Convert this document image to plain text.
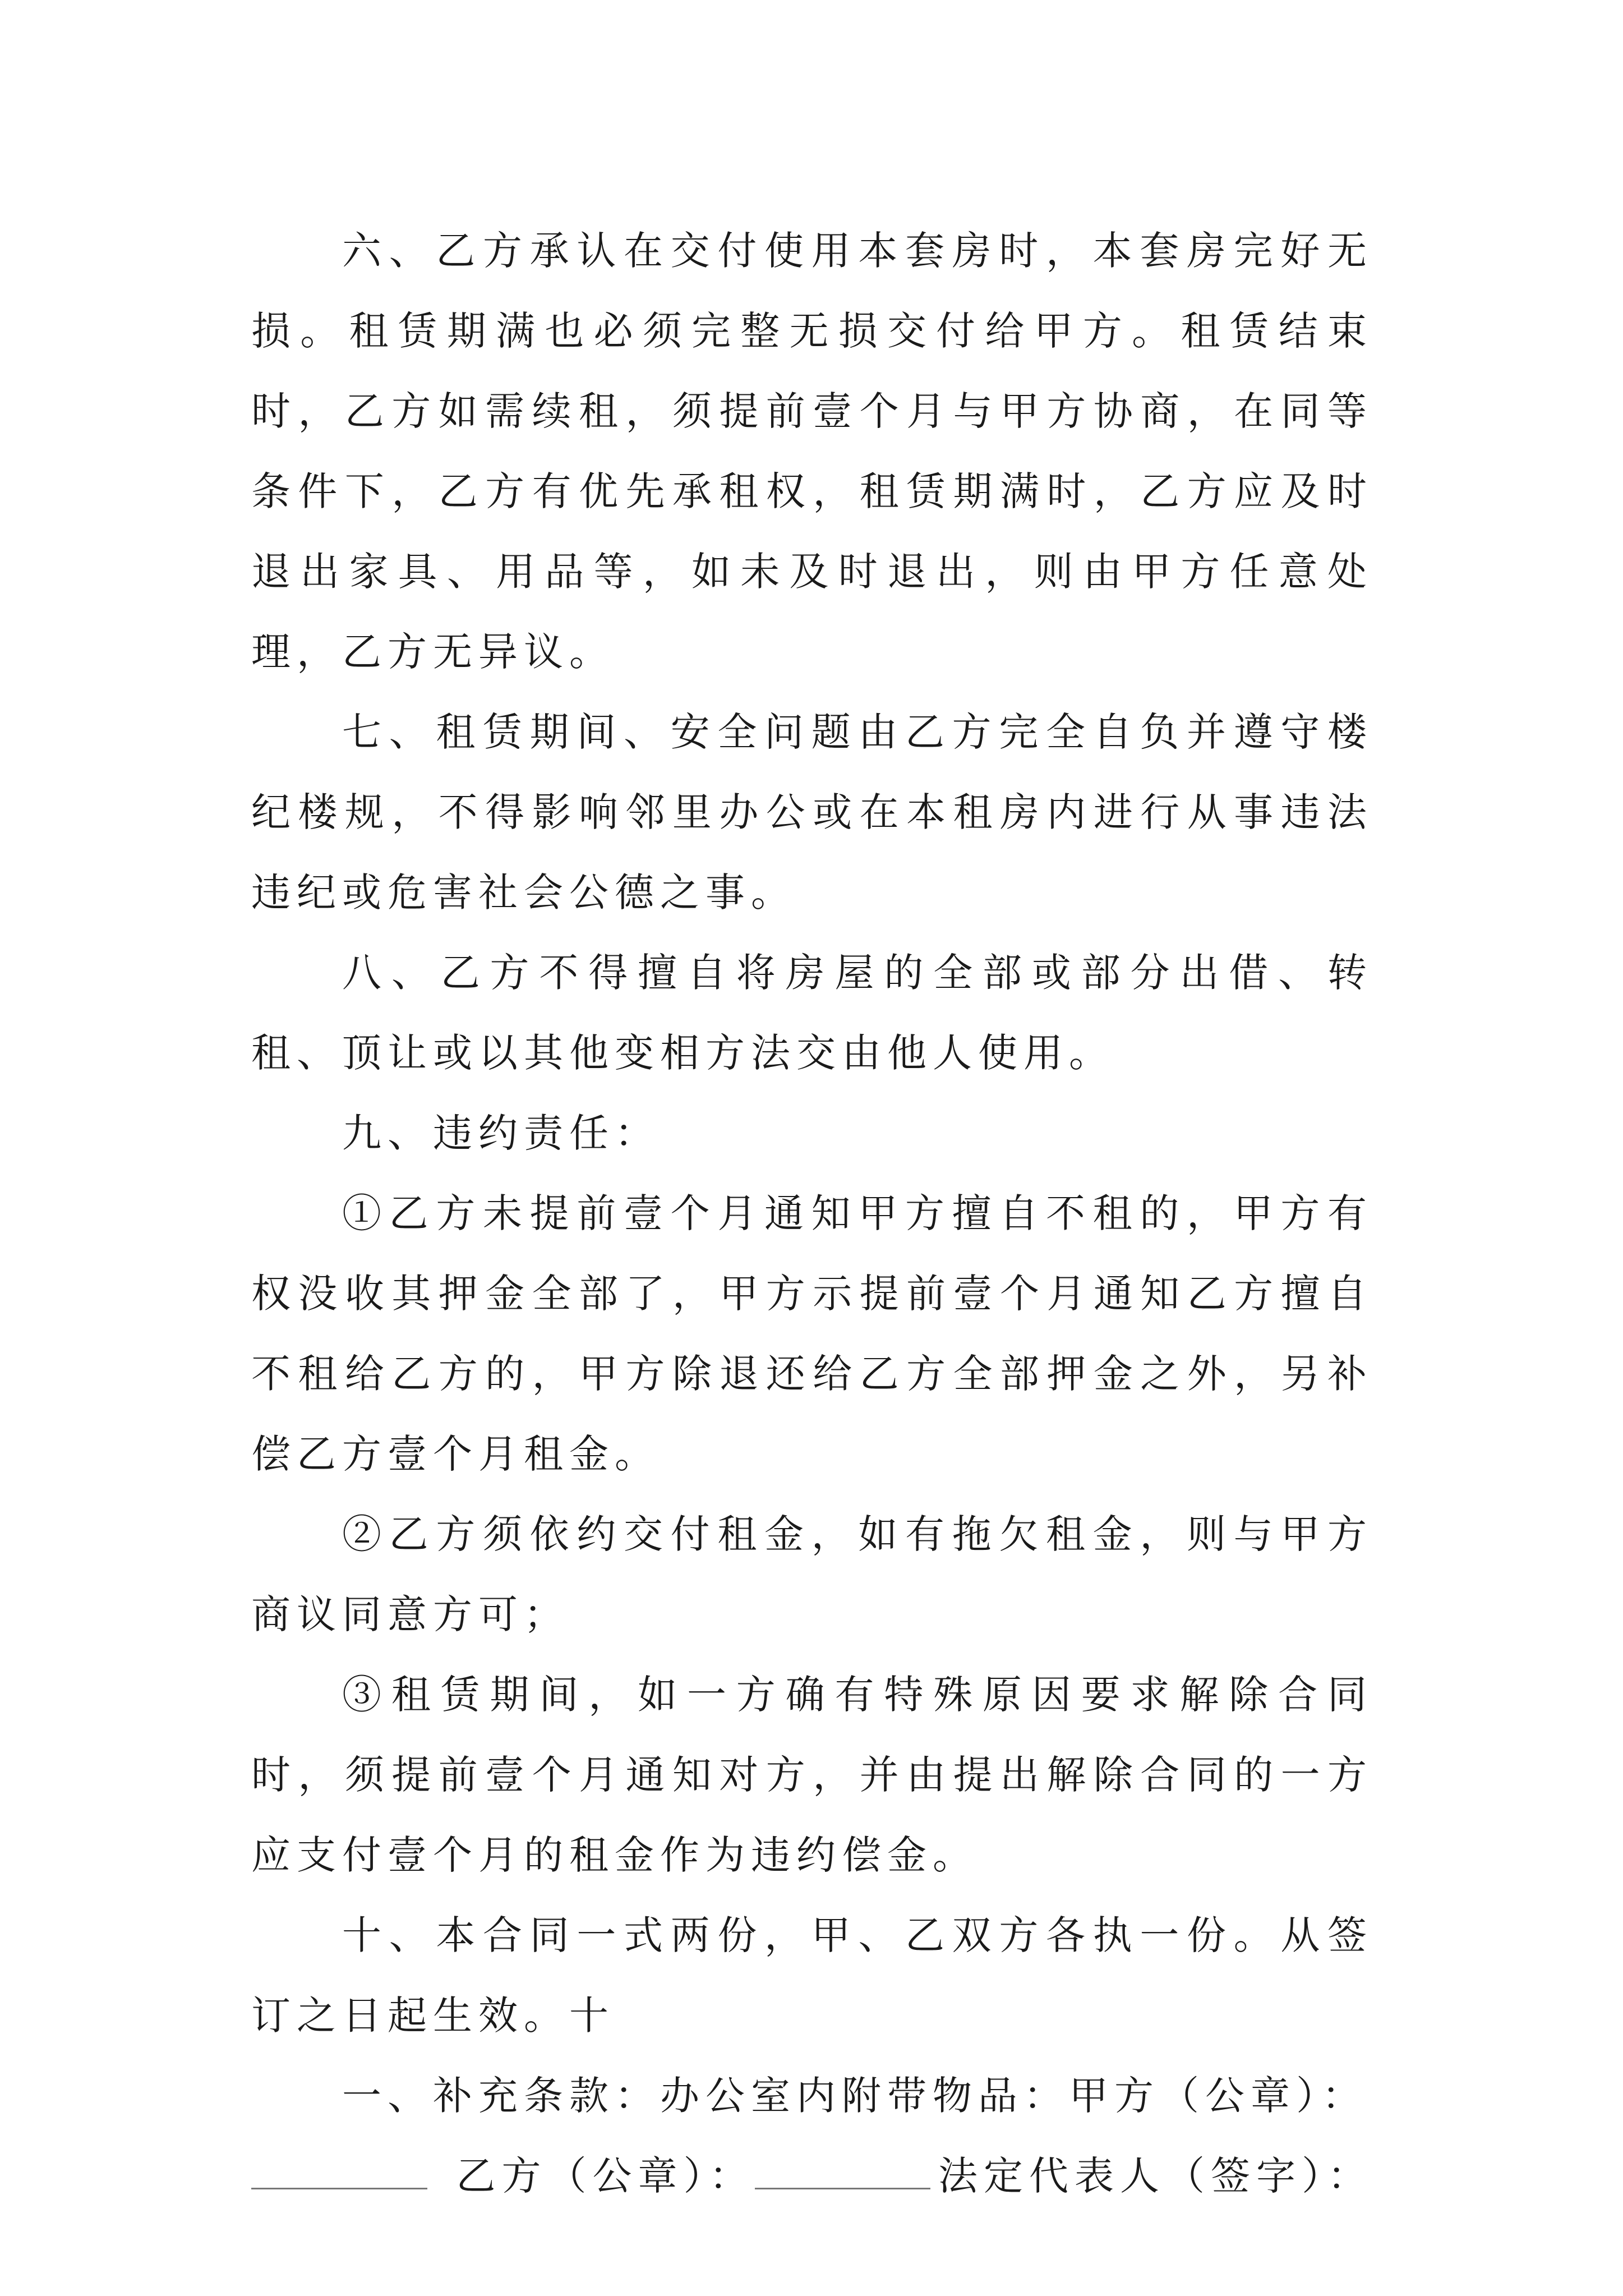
六、乙方承认在交付使用本套房时，本套房完好无损。租赁期满也必须完整无损交付给甲方。租赁结束时，乙方如需续租，须提前壹个月与甲方协商，在同等条件下，乙方有优先承租权，租赁期满时，乙方应及时退出家具、用品等，如未及时退出，则由甲方任意处理，乙方无异议。

七、租赁期间、安全问题由乙方完全自负并遵守楼纪楼规，不得影响邻里办公或在本租房内进行从事违法违纪或危害社会公德之事。

八、乙方不得擅自将房屋的全部或部分出借、转租、顶让或以其他变相方法交由他人使用。

九、违约责任：

①乙方未提前壹个月通知甲方擅自不租的，甲方有权没收其押金全部了，甲方示提前壹个月通知乙方擅自不租给乙方的，甲方除退还给乙方全部押金之外，另补偿乙方壹个月租金。

②乙方须依约交付租金，如有拖欠租金，则与甲方商议同意方可；

③租赁期间，如一方确有特殊原因要求解除合同时，须提前壹个月通知对方，并由提出解除合同的一方应支付壹个月的租金作为违约偿金。

十、本合同一式两份，甲、乙双方各执一份。从签订之日起生效。十

一、补充条款：办公室内附带物品：甲方（公章）：

乙方（公章）：	法定代表人（签字）：
